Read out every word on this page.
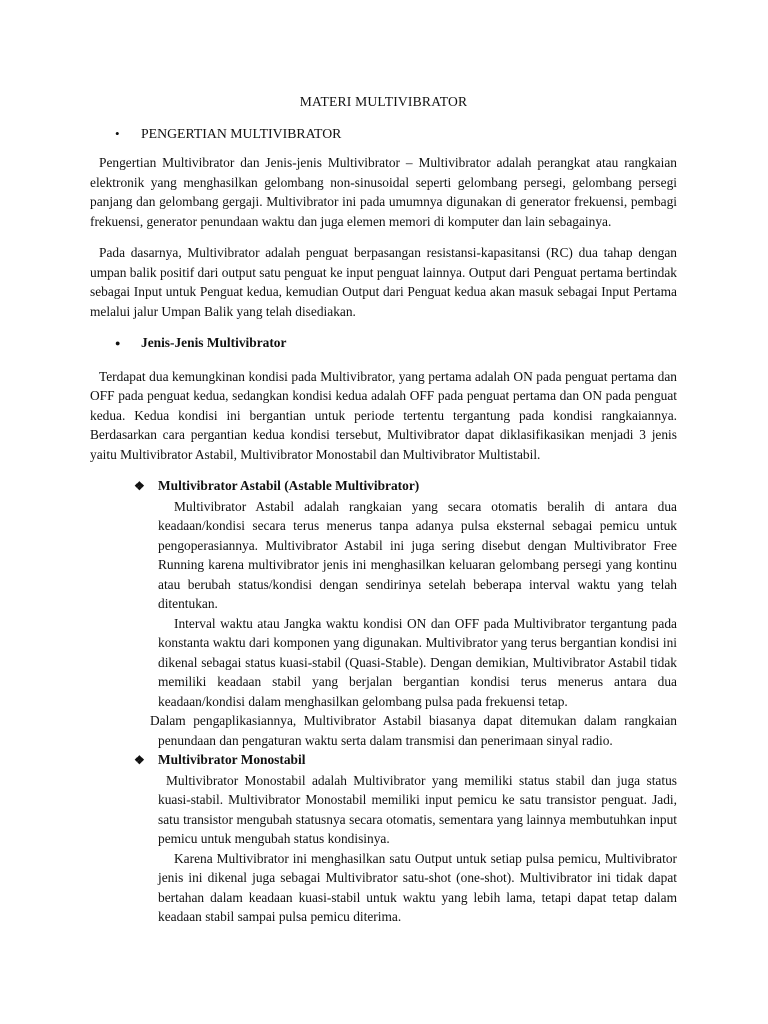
MATERI MULTIVIBRATOR
•	PENGERTIAN MULTIVIBRATOR

Pengertian Multivibrator dan Jenis-jenis Multivibrator – Multivibrator adalah perangkat atau rangkaian elektronik yang menghasilkan gelombang non-sinusoidal seperti gelombang persegi, gelombang persegi panjang dan gelombang gergaji. Multivibrator ini pada umumnya digunakan di generator frekuensi, pembagi frekuensi, generator penundaan waktu dan juga elemen memori di komputer dan lain sebagainya.

Pada dasarnya, Multivibrator adalah penguat berpasangan resistansi-kapasitansi (RC) dua tahap dengan umpan balik positif dari output satu penguat ke input penguat lainnya. Output dari Penguat pertama bertindak sebagai Input untuk Penguat kedua, kemudian Output dari Penguat kedua akan masuk sebagai Input Pertama melalui jalur Umpan Balik yang telah disediakan.

●	Jenis-Jenis Multivibrator

Terdapat dua kemungkinan kondisi pada Multivibrator, yang pertama adalah ON pada penguat pertama dan OFF pada penguat kedua, sedangkan kondisi kedua adalah OFF pada penguat pertama dan ON pada penguat kedua. Kedua kondisi ini bergantian untuk periode tertentu tergantung pada kondisi rangkaiannya. Berdasarkan cara pergantian kedua kondisi tersebut, Multivibrator dapat diklasifikasikan menjadi 3 jenis yaitu Multivibrator Astabil, Multivibrator Monostabil dan Multivibrator Multistabil.

❖ Multivibrator Astabil (Astable Multivibrator)

Multivibrator Astabil adalah rangkaian yang secara otomatis beralih di antara dua keadaan/kondisi secara terus menerus tanpa adanya pulsa eksternal sebagai pemicu untuk pengoperasiannya. Multivibrator Astabil ini juga sering disebut dengan Multivibrator Free Running karena multivibrator jenis ini menghasilkan keluaran gelombang persegi yang kontinu atau berubah status/kondisi dengan sendirinya setelah beberapa interval waktu yang telah ditentukan.

Interval waktu atau Jangka waktu kondisi ON dan OFF pada Multivibrator tergantung pada konstanta waktu dari komponen yang digunakan. Multivibrator yang terus bergantian kondisi ini dikenal sebagai status kuasi-stabil (Quasi-Stable). Dengan demikian, Multivibrator Astabil tidak memiliki keadaan stabil yang berjalan bergantian kondisi terus menerus antara dua keadaan/kondisi dalam menghasilkan gelombang pulsa pada frekuensi tetap.

Dalam pengaplikasiannya, Multivibrator Astabil biasanya dapat ditemukan dalam rangkaian penundaan dan pengaturan waktu serta dalam transmisi dan penerimaan sinyal radio.

❖ Multivibrator Monostabil

Multivibrator Monostabil adalah Multivibrator yang memiliki status stabil dan juga status kuasi-stabil. Multivibrator Monostabil memiliki input pemicu ke satu transistor penguat. Jadi, satu transistor mengubah statusnya secara otomatis, sementara yang lainnya membutuhkan input pemicu untuk mengubah status kondisinya.

Karena Multivibrator ini menghasilkan satu Output untuk setiap pulsa pemicu, Multivibrator jenis ini dikenal juga sebagai Multivibrator satu-shot (one-shot). Multivibrator ini tidak dapat bertahan dalam keadaan kuasi-stabil untuk waktu yang lebih lama, tetapi dapat tetap dalam keadaan stabil sampai pulsa pemicu diterima.
